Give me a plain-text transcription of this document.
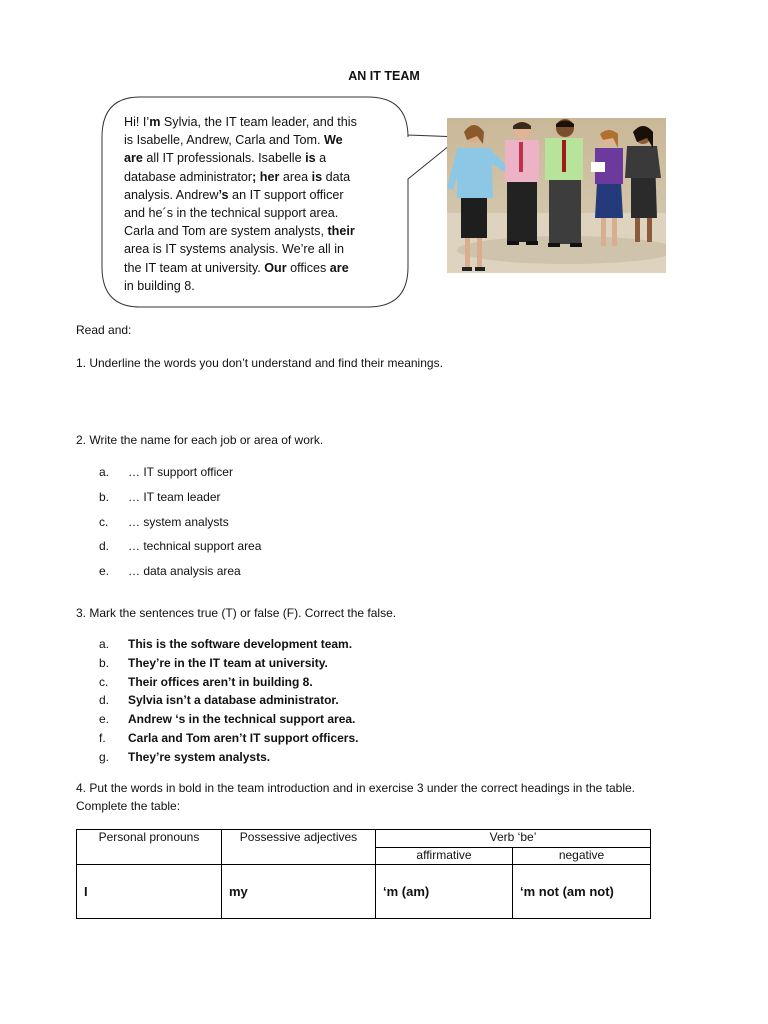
AN IT TEAM
Hi! I’m Sylvia, the IT team leader, and this
is Isabelle, Andrew, Carla and Tom. We
are all IT professionals. Isabelle is a
database administrator; her area is data
analysis. Andrew’s an IT support officer
and he´s in the technical support area.
Carla and Tom are system analysts, their
area is IT systems analysis. We’re all in
the IT team at university. Our offices are
in building 8.
Read and:
1. Underline the words you don’t understand and find their meanings.
2. Write the name for each job or area of work.
a. … IT support officer
b. … IT team leader
c. … system analysts
d. … technical support area
e. … data analysis area
3. Mark the sentences true (T) or false (F). Correct the false.
a. This is the software development team.
b. They’re in the IT team at university.
c. Their offices aren’t in building 8.
d. Sylvia isn’t a database administrator.
e. Andrew ‘s in the technical support area.
f. Carla and Tom aren’t IT support officers.
g. They’re system analysts.
4. Put the words in bold in the team introduction and in exercise 3 under the correct headings in the table.
Complete the table:
Personal pronouns	Possessive adjectives	Verb ‘be’	
		affirmative	negative
I	my	‘m (am)	‘m not (am not)
